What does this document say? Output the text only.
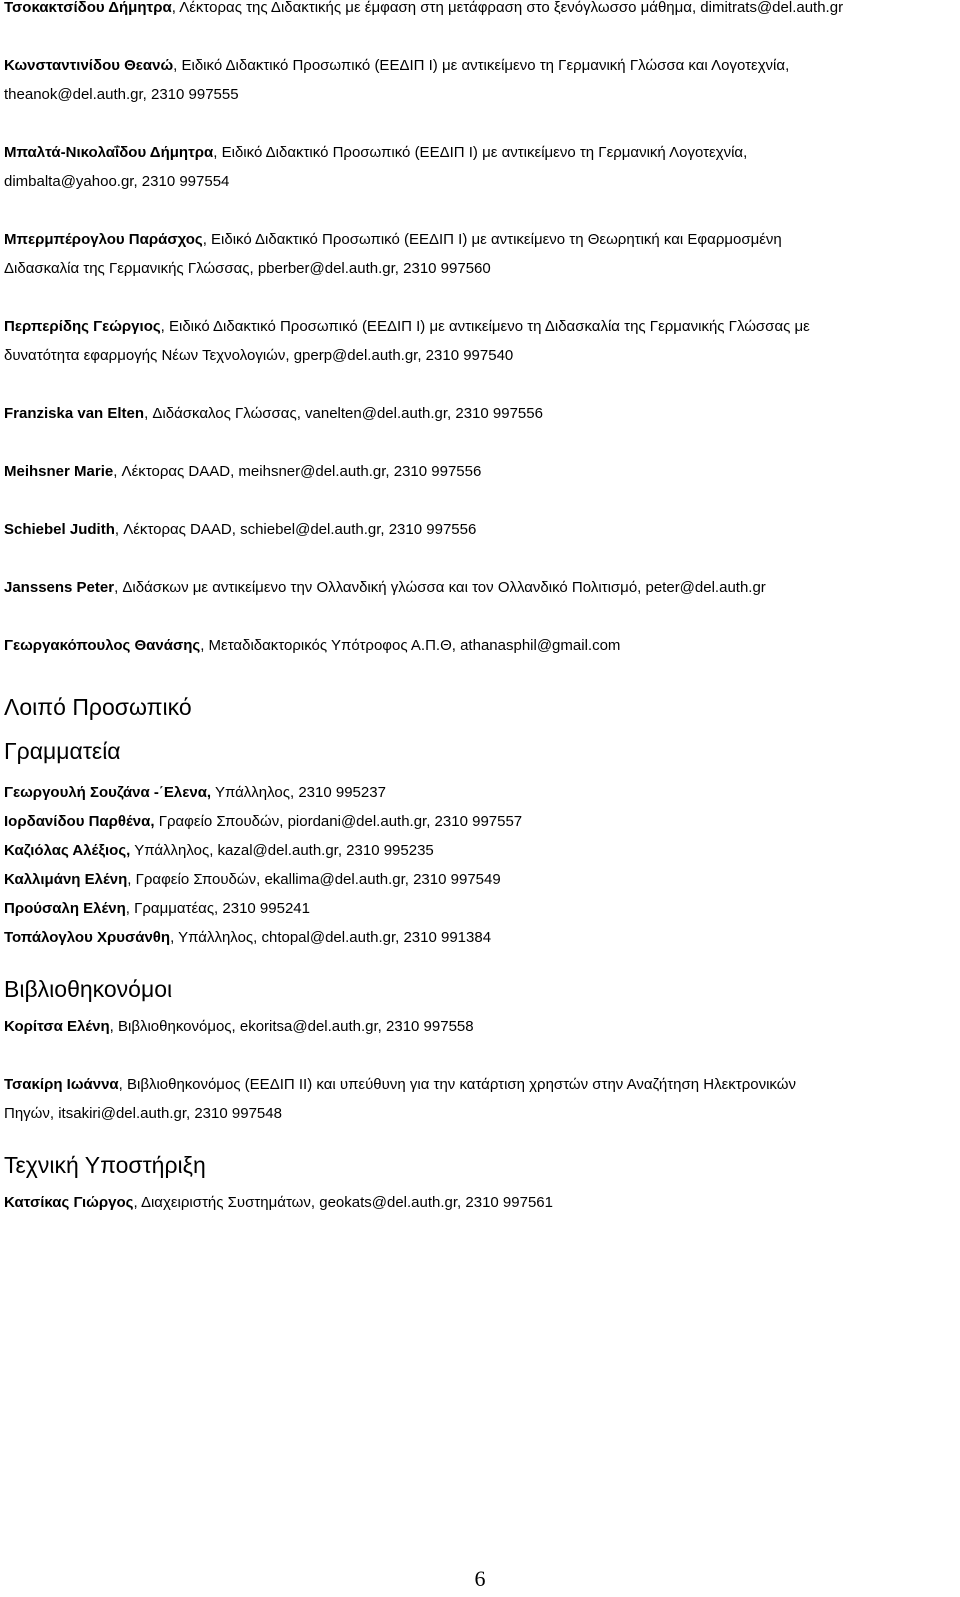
Τσοκακτσίδου Δήμητρα, Λέκτορας της Διδακτικής με έμφαση στη μετάφραση στο ξενόγλωσσο μάθημα, dimitrats@del.auth.gr

Κωνσταντινίδου Θεανώ, Ειδικό Διδακτικό Προσωπικό (ΕΕΔΙΠ Ι) με αντικείμενο τη Γερμανική Γλώσσα και Λογοτεχνία,
theanok@del.auth.gr, 2310 997555

Μπαλτά-Νικολαΐδου Δήμητρα, Ειδικό Διδακτικό Προσωπικό (ΕΕΔΙΠ Ι) με αντικείμενο τη Γερμανική Λογοτεχνία,
dimbalta@yahoo.gr, 2310 997554

Μπερμπέρογλου Παράσχος, Ειδικό Διδακτικό Προσωπικό (ΕΕΔΙΠ Ι) με αντικείμενο τη Θεωρητική και Εφαρμοσμένη
Διδασκαλία της Γερμανικής Γλώσσας, pberber@del.auth.gr, 2310 997560

Περπερίδης Γεώργιος, Ειδικό Διδακτικό Προσωπικό (ΕΕΔΙΠ Ι) με αντικείμενο τη Διδασκαλία της Γερμανικής Γλώσσας με
δυνατότητα εφαρμογής Νέων Τεχνολογιών, gperp@del.auth.gr, 2310 997540

Franziska van Elten, Διδάσκαλος Γλώσσας, vanelten@del.auth.gr, 2310 997556

Meihsner Marie, Λέκτορας DAAD, meihsner@del.auth.gr, 2310 997556

Schiebel Judith, Λέκτορας DAAD, schiebel@del.auth.gr, 2310 997556

Janssens Peter, Διδάσκων με αντικείμενο την Ολλανδική γλώσσα και τον Ολλανδικό Πολιτισμό, peter@del.auth.gr

Γεωργακόπουλος Θανάσης, Μεταδιδακτορικός Υπότροφος Α.Π.Θ, athanasphil@gmail.com

Λοιπό Προσωπικό
Γραμματεία

Γεωργουλή Σουζάνα -΄Ελενα, Υπάλληλος, 2310 995237

Ιορδανίδου Παρθένα, Γραφείο Σπουδών, piordani@del.auth.gr, 2310 997557

Καζιόλας Αλέξιος, Υπάλληλος, kazal@del.auth.gr, 2310 995235

Καλλιμάνη Ελένη, Γραφείο Σπουδών, ekallima@del.auth.gr, 2310 997549

Προύσαλη Ελένη, Γραμματέας, 2310 995241

Τοπάλογλου Χρυσάνθη, Υπάλληλος, chtopal@del.auth.gr, 2310 991384

Βιβλιοθηκονόμοι

Κορίτσα Ελένη, Βιβλιοθηκονόμος, ekoritsa@del.auth.gr, 2310 997558

Τσακίρη Ιωάννα, Βιβλιοθηκονόμος (ΕΕΔΙΠ ΙΙ) και υπεύθυνη για την κατάρτιση χρηστών στην Αναζήτηση Ηλεκτρονικών
Πηγών, itsakiri@del.auth.gr, 2310 997548

Τεχνική Υποστήριξη

Κατσίκας Γιώργος, Διαχειριστής Συστημάτων, geokats@del.auth.gr, 2310 997561

6
